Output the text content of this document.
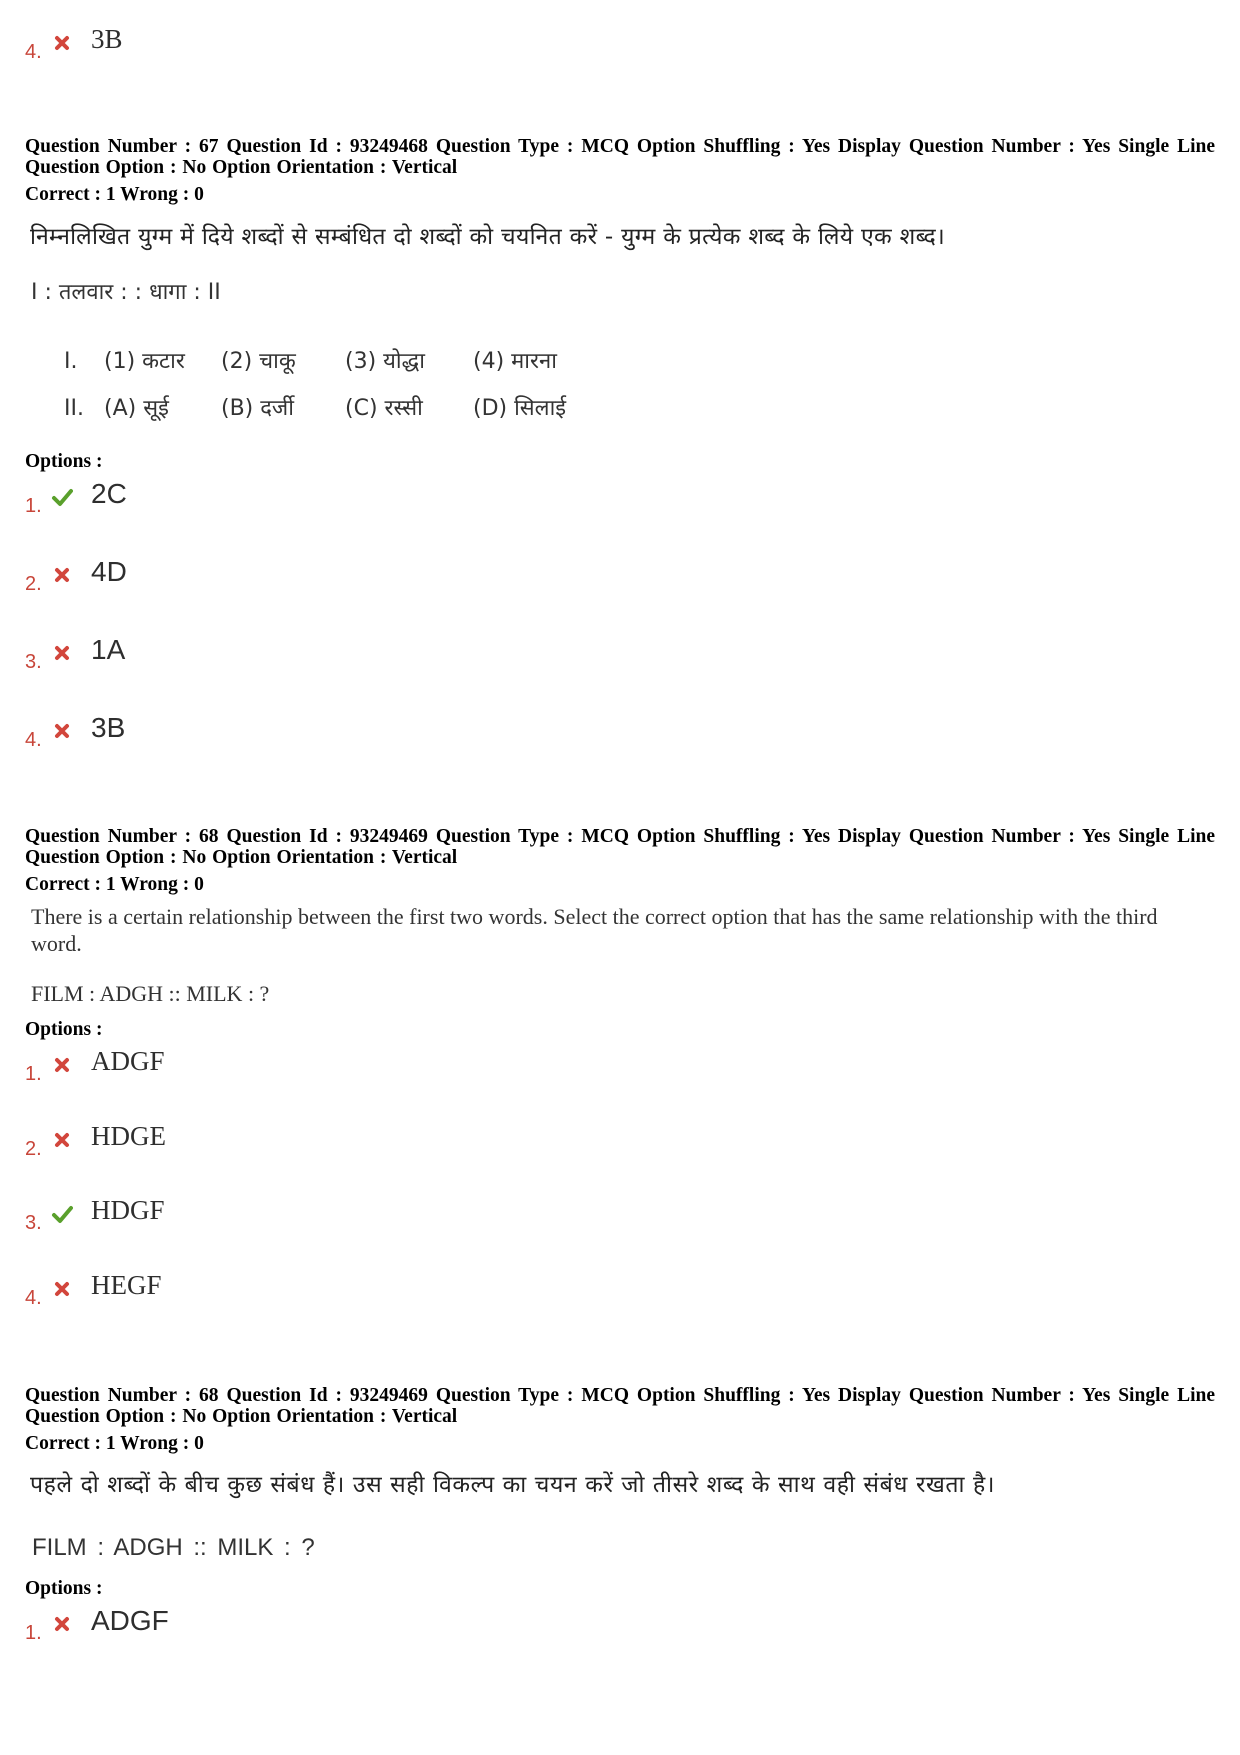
4. 3B
Question Number : 67 Question Id : 93249468 Question Type : MCQ Option Shuffling : Yes Display Question Number : Yes Single Line Question Option : No Option Orientation : Vertical
Correct : 1 Wrong : 0
निम्नलिखित युग्म में दिये शब्दों से सम्बंधित दो शब्दों को चयनित करें - युग्म के प्रत्येक शब्द के लिये एक शब्द।
I : तलवार : : धागा : II
I. (1) कटार (2) चाकू (3) योद्धा (4) मारना
II. (A) सूई (B) दर्जी (C) रस्सी (D) सिलाई
Options :
1. 2C
2. 4D
3. 1A
4. 3B
Question Number : 68 Question Id : 93249469 Question Type : MCQ Option Shuffling : Yes Display Question Number : Yes Single Line Question Option : No Option Orientation : Vertical
Correct : 1 Wrong : 0
There is a certain relationship between the first two words. Select the correct option that has the same relationship with the third word.
FILM : ADGH :: MILK : ?
Options :
1. ADGF
2. HDGE
3. HDGF
4. HEGF
Question Number : 68 Question Id : 93249469 Question Type : MCQ Option Shuffling : Yes Display Question Number : Yes Single Line Question Option : No Option Orientation : Vertical
Correct : 1 Wrong : 0
पहले दो शब्दों के बीच कुछ संबंध हैं। उस सही विकल्प का चयन करें जो तीसरे शब्द के साथ वही संबंध रखता है।
FILM : ADGH :: MILK : ?
Options :
1. ADGF
